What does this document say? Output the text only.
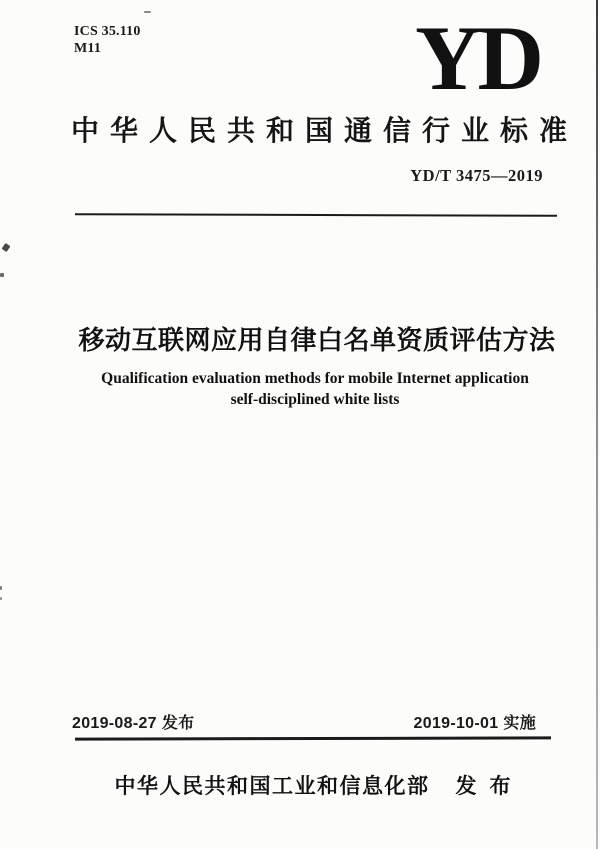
ICS 35.110
M11	YD
中华人民共和国通信行业标准
YD/T 3475—2019
移动互联网应用自律白名单资质评估方法
Qualification evaluation methods for mobile Internet application
self-disciplined white lists
2019-08-27 发布	2019-10-01 实施
中华人民共和国工业和信息化部 发布
